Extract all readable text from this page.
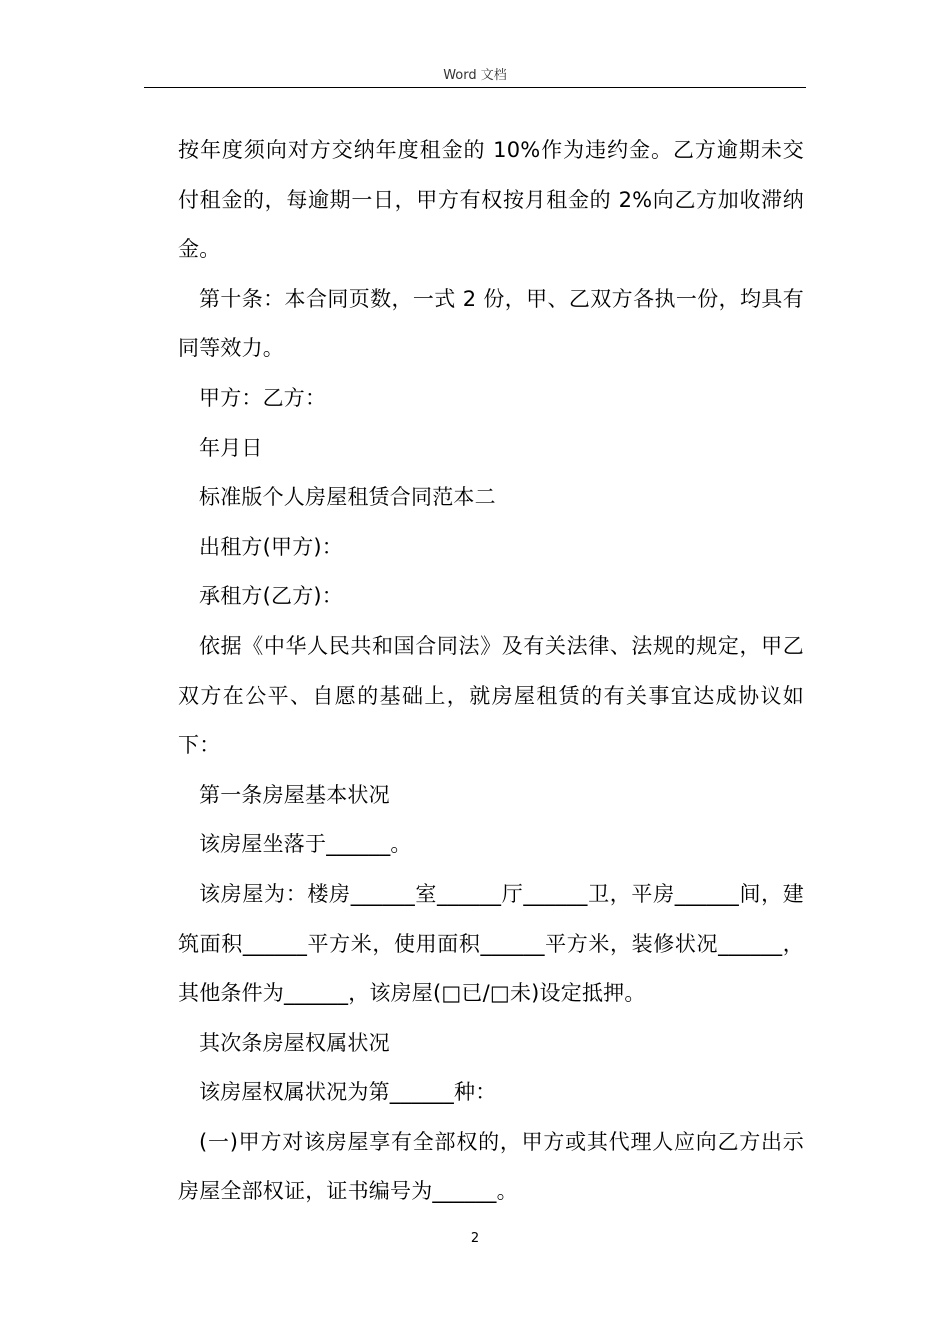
Word 文档

按年度须向对方交纳年度租金的 10%作为违约金。乙方逾期未交付租金的，每逾期一日，甲方有权按月租金的 2%向乙方加收滞纳金。

第十条：本合同页数，一式 2 份，甲、乙双方各执一份，均具有同等效力。

甲方：乙方：

年月日

标准版个人房屋租赁合同范本二

出租方(甲方)：

承租方(乙方)：

依据《中华人民共和国合同法》及有关法律、法规的规定，甲乙双方在公平、自愿的基础上，就房屋租赁的有关事宜达成协议如下：

第一条房屋基本状况

该房屋坐落于______。

该房屋为：楼房______室______厅______卫，平房______间，建筑面积______平方米，使用面积______平方米，装修状况______，其他条件为______，该房屋(□已/□未)设定抵押。

其次条房屋权属状况

该房屋权属状况为第______种：

(一)甲方对该房屋享有全部权的，甲方或其代理人应向乙方出示房屋全部权证，证书编号为______。

2
